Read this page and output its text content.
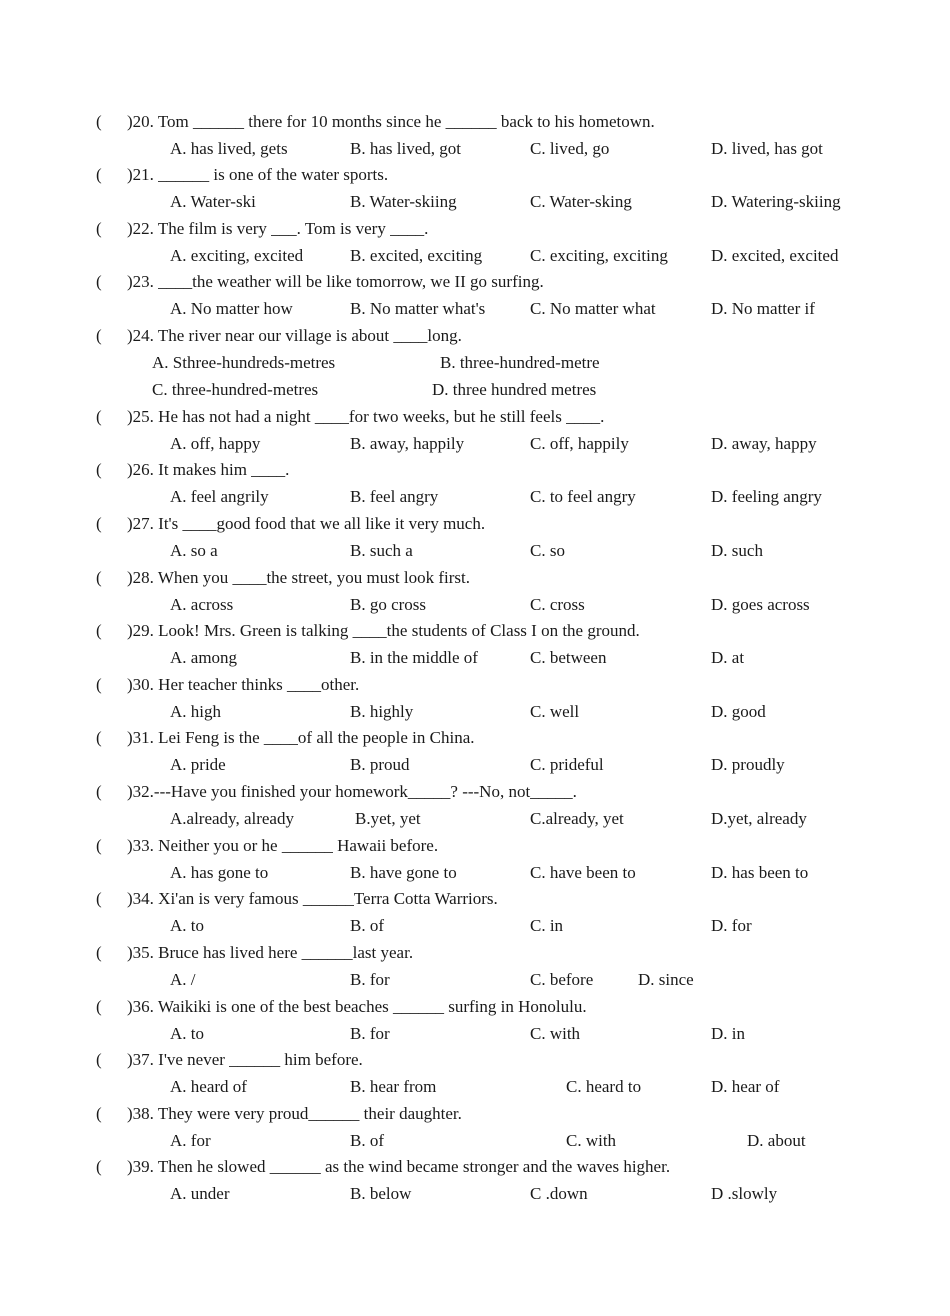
( )20. Tom ______ there for 10 months since he ______ back to his hometown.
A. has lived, gets	B. has lived, got	C. lived, go	D. lived, has got
( )21. ______ is one of the water sports.
A. Water-ski	B. Water-skiing	C. Water-sking	D. Watering-skiing
( )22. The film is very ___. Tom is very ____.
A. exciting, excited	B. excited, exciting	C. exciting, exciting	D. excited, excited
( )23. ____the weather will be like tomorrow, we II go surfing.
A. No matter how	B. No matter what's	C. No matter what	D. No matter if
( )24. The river near our village is about ____long.
A. Sthree-hundreds-metres	B. three-hundred-metre
C. three-hundred-metres	D. three hundred metres
( )25. He has not had a night ____for two weeks, but he still feels ____.
A. off, happy	B. away, happily	C. off, happily	D. away, happy
( )26. It makes him ____.
A. feel angrily	B. feel angry	C. to feel angry	D. feeling angry
( )27. It's ____good food that we all like it very much.
A. so a	B. such a	C. so	D. such
( )28. When you ____the street, you must look first.
A. across	B. go cross	C. cross	D. goes across
( )29. Look! Mrs. Green is talking ____the students of Class I on the ground.
A. among	B. in the middle of	C. between	D. at
( )30. Her teacher thinks ____other.
A. high	B. highly	C. well	D. good
( )31. Lei Feng is the ____of all the people in China.
A. pride	B. proud	C. prideful	D. proudly
( )32.---Have you finished your homework_____? ---No, not_____.
A.already, already	B.yet, yet	C.already, yet	D.yet, already
( )33. Neither you or he ______ Hawaii before.
A. has gone to	B. have gone to	C. have been to	D. has been to
( )34. Xi'an is very famous ______Terra Cotta Warriors.
A. to	B. of	C. in	D. for
( )35. Bruce has lived here ______last year.
A. /	B. for	C. before	D. since
( )36. Waikiki is one of the best beaches ______ surfing in Honolulu.
A. to	B. for	C. with	D. in
( )37. I've never ______ him before.
A. heard of	B. hear from	C. heard to	D. hear of
( )38. They were very proud______ their daughter.
A. for	B. of	C. with	D. about
( )39. Then he slowed ______ as the wind became stronger and the waves higher.
A. under	B. below	C .down	D .slowly
